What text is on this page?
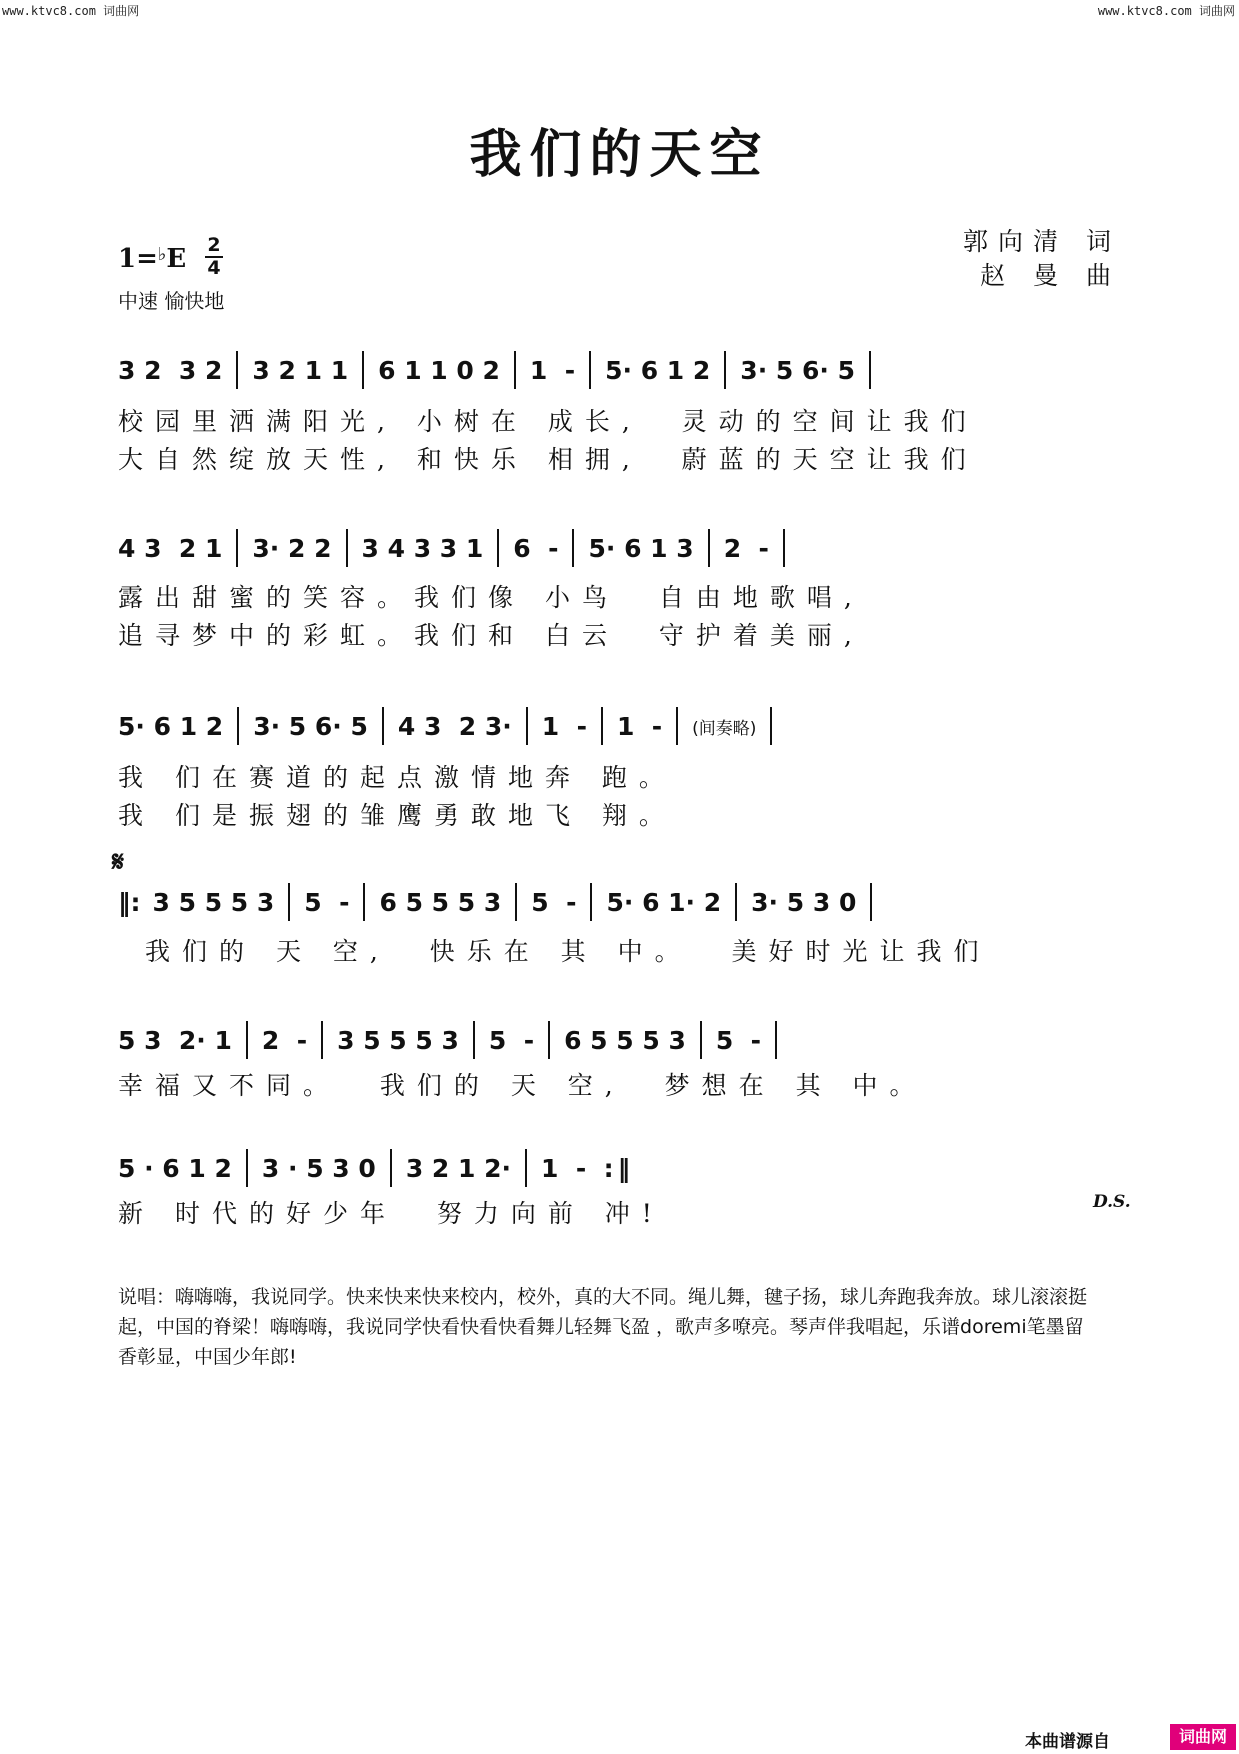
www.ktvc8.com 词曲网	www.ktvc8.com 词曲网
我们的天空
郭向清 词
赵 曼 曲
1=♭E 2
4
中速 愉快地
3 2  3 2 3 2 1 1 6 1 1 0 2 1  - 5· 6 1 2 3· 5 6· 5
校园里洒满阳光, 小树在 成长,  灵动的空间让我们
大自然绽放天性, 和快乐 相拥,  蔚蓝的天空让我们
4 3  2 1 3· 2 2 3 4 3 3 1 6  - 5· 6 1 3 2  -
露出甜蜜的笑容。我们像 小鸟  自由地歌唱,
追寻梦中的彩虹。我们和 白云  守护着美丽,
5· 6 1 2 3· 5 6· 5 4 3  2 3· 1  - 1  - (间奏略)
我 们在赛道的起点激情地奔 跑。
我 们是振翅的雏鹰勇敢地飞 翔。
𝄋
‖: 3 5 5 5 3 5  - 6 5 5 5 3 5  - 5· 6 1· 2 3· 5 3 0
我们的 天 空,  快乐在 其 中。  美好时光让我们
5 3  2· 1 2  - 3 5 5 5 3 5  - 6 5 5 5 3 5  -
幸福又不同。  我们的 天 空,  梦想在 其 中。
5 · 6 1 2 3 · 5 3 0 3 2 1 2· 1  -  : ‖
新 时代的好少年  努力向前 冲!	D.S.
说唱：嗨嗨嗨，我说同学。快来快来快来校内，校外，真的大不同。绳儿舞，毽子扬，球儿奔跑我奔放。球儿滚滚挺起，中国的脊梁！嗨嗨嗨，我说同学快看快看快看舞儿轻舞飞盈 ，歌声多嘹亮。琴声伴我唱起，乐谱doremi笔墨留香彰显，中国少年郎!
本曲谱源自	词曲网
